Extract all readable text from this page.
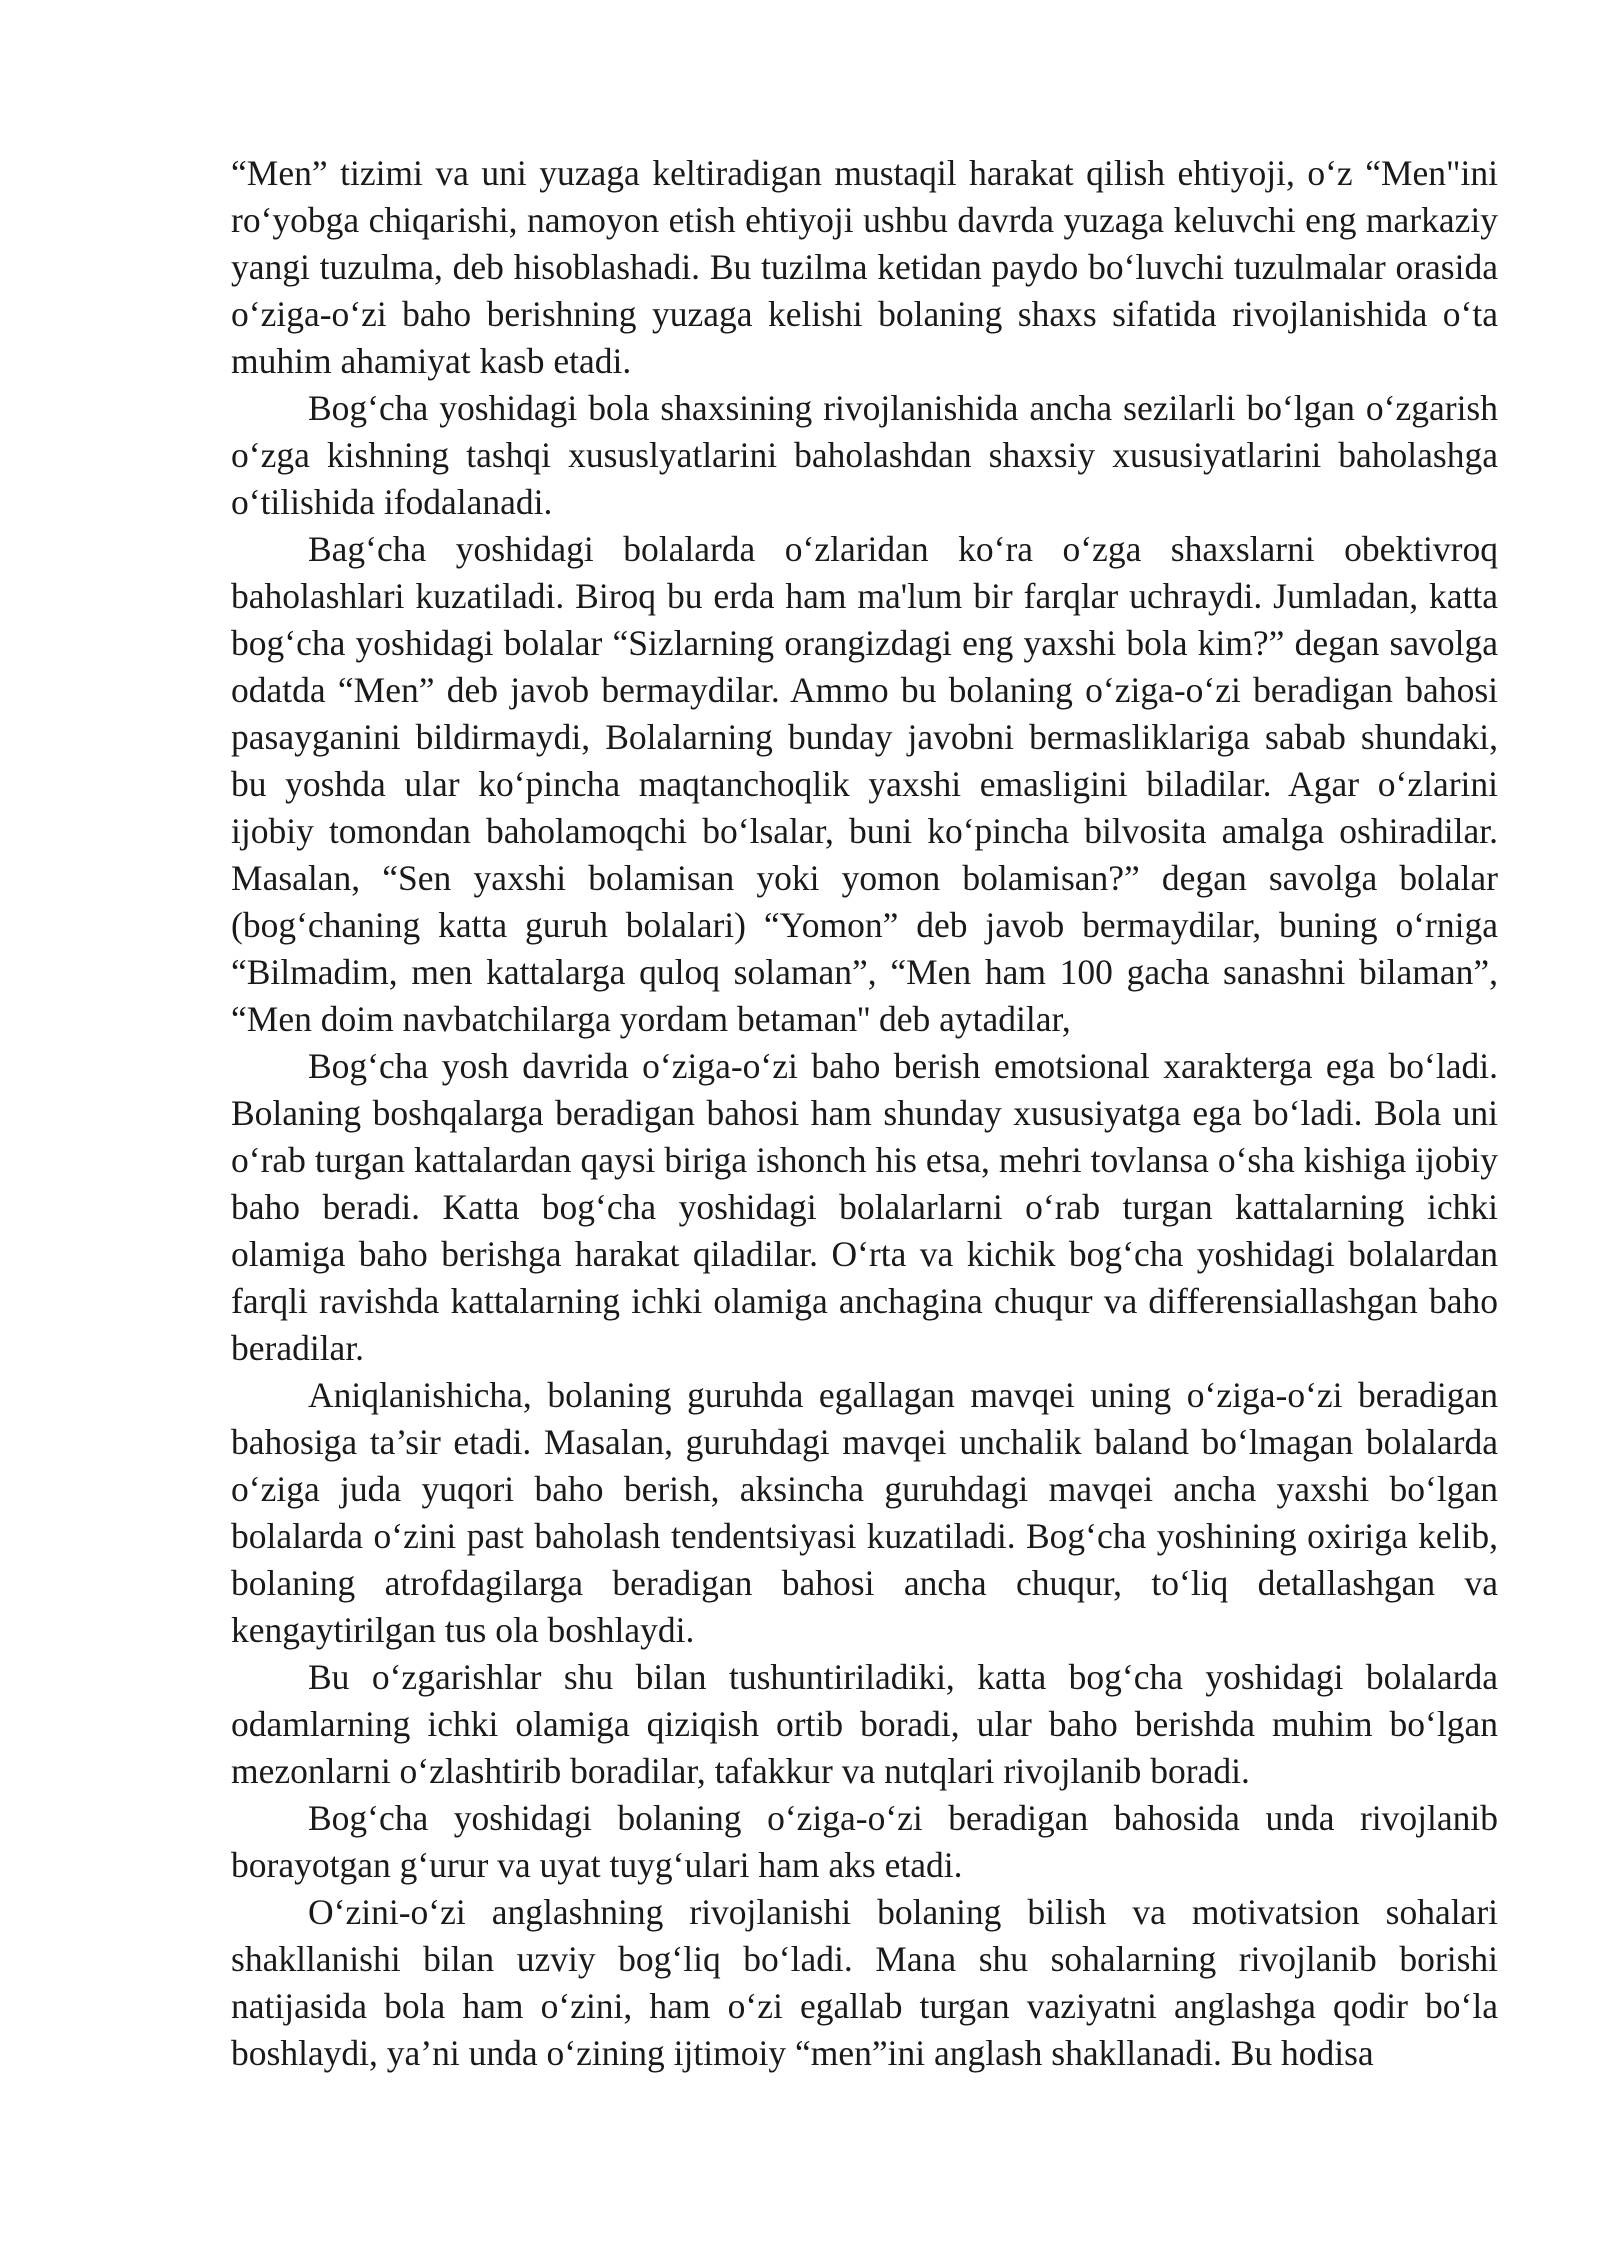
“Men” tizimi va uni yuzaga keltiradigan mustaqil harakat qilish ehtiyoji, o‘z “Men"ini ro‘yobga chiqarishi, namoyon etish ehtiyoji ushbu davrda yuzaga keluvchi eng markaziy yangi tuzulma, deb hisoblashadi. Bu tuzilma ketidan paydo bo‘luvchi tuzulmalar orasida o‘ziga-o‘zi baho berishning yuzaga kelishi bolaning shaxs sifatida rivojlanishida o‘ta muhim ahamiyat kasb etadi.

Bog‘cha yoshidagi bola shaxsining rivojlanishida ancha sezilarli bo‘lgan o‘zgarish o‘zga kishning tashqi xususlyatlarini baholashdan shaxsiy xususiyatlarini baholashga o‘tilishida ifodalanadi.

Bag‘cha yoshidagi bolalarda o‘zlaridan ko‘ra o‘zga shaxslarni obektivroq baholashlari kuzatiladi. Biroq bu erda ham ma'lum bir farqlar uchraydi. Jumladan, katta bog‘cha yoshidagi bolalar “Sizlarning orangizdagi eng yaxshi bola kim?” degan savolga odatda “Men” deb javob bermaydilar. Ammo bu bolaning o‘ziga-o‘zi beradigan bahosi pasayganini bildirmaydi, Bolalarning bunday javobni bermasliklariga sabab shundaki, bu yoshda ular ko‘pincha maqtanchoqlik yaxshi emasligini biladilar. Agar o‘zlarini ijobiy tomondan baholamoqchi bo‘lsalar, buni ko‘pincha bilvosita amalga oshiradilar. Masalan, “Sen yaxshi bolamisan yoki yomon bolamisan?” degan savolga bolalar (bog‘chaning katta guruh bolalari) “Yomon” deb javob bermaydilar, buning o‘rniga “Bilmadim, men kattalarga quloq solaman”, “Men ham 100 gacha sanashni bilaman”, “Men doim navbatchilarga yordam betaman'' deb aytadilar,

Bog‘cha yosh davrida o‘ziga-o‘zi baho berish emotsional xarakterga ega bo‘ladi. Bolaning boshqalarga beradigan bahosi ham shunday xususiyatga ega bo‘ladi. Bola uni o‘rab turgan kattalardan qaysi biriga ishonch his etsa, mehri tovlansa o‘sha kishiga ijobiy baho beradi. Katta bog‘cha yoshidagi bolalarlarni o‘rab turgan kattalarning ichki olamiga baho berishga harakat qiladilar. O‘rta va kichik bog‘cha yoshidagi bolalardan farqli ravishda kattalarning ichki olamiga anchagina chuqur va differensiallashgan baho beradilar.

Aniqlanishicha, bolaning guruhda egallagan mavqei uning o‘ziga-o‘zi beradigan bahosiga ta’sir etadi. Masalan, guruhdagi mavqei unchalik baland bo‘lmagan bolalarda o‘ziga juda yuqori baho berish, aksincha guruhdagi mavqei ancha yaxshi bo‘lgan bolalarda o‘zini past baholash tendentsiyasi kuzatiladi. Bog‘cha yoshining oxiriga kelib, bolaning atrofdagilarga beradigan bahosi ancha chuqur, to‘liq detallashgan va kengaytirilgan tus ola boshlaydi.

Bu o‘zgarishlar shu bilan tushuntiriladiki, katta bog‘cha yoshidagi bolalarda odamlarning ichki olamiga qiziqish ortib boradi, ular baho berishda muhim bo‘lgan mezonlarni o‘zlashtirib boradilar, tafakkur va nutqlari rivojlanib boradi.

Bog‘cha yoshidagi bolaning o‘ziga-o‘zi beradigan bahosida unda rivojlanib borayotgan g‘urur va uyat tuyg‘ulari ham aks etadi.

O‘zini-o‘zi anglashning rivojlanishi bolaning bilish va motivatsion sohalari shakllanishi bilan uzviy bog‘liq bo‘ladi. Mana shu sohalarning rivojlanib borishi natijasida bola ham o‘zini, ham o‘zi egallab turgan vaziyatni anglashga qodir bo‘la boshlaydi, ya’ni unda o‘zining ijtimoiy “men”ini anglash shakllanadi. Bu hodisa
